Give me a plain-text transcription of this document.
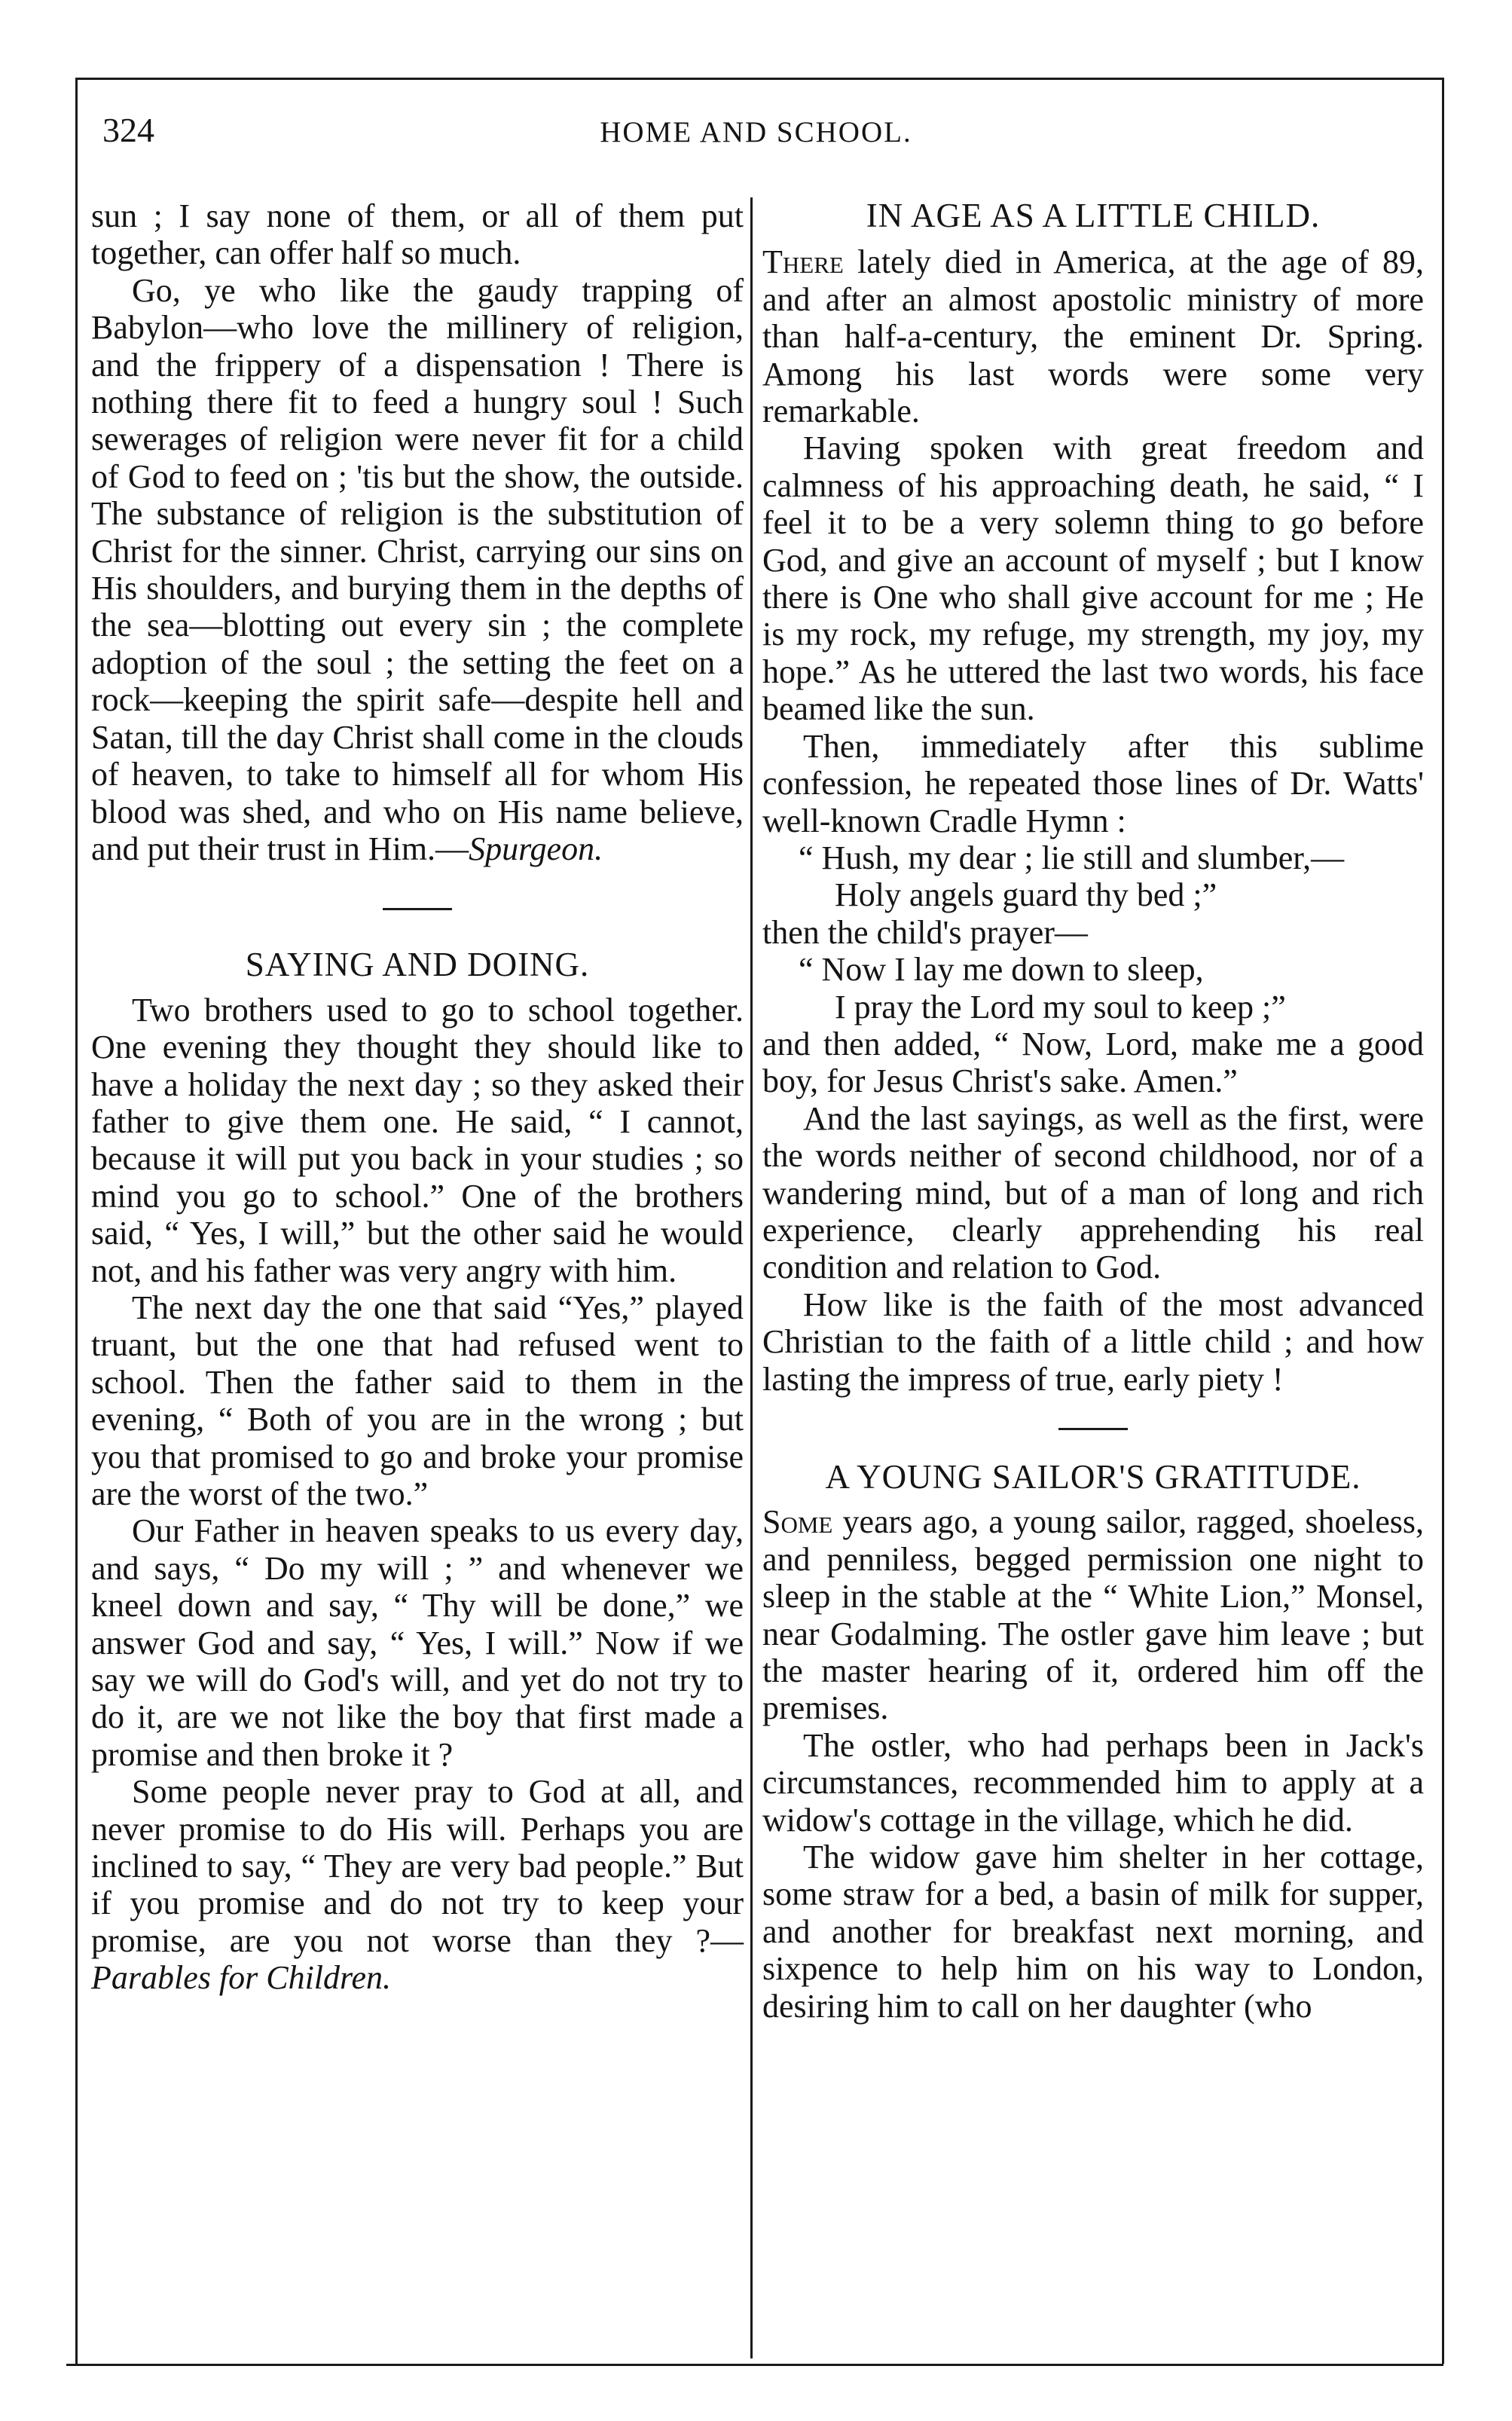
324	HOME AND SCHOOL.

sun ; I say none of them, or all of them put together, can offer half so much.

Go, ye who like the gaudy trapping of Babylon—who love the millinery of religion, and the frippery of a dispensation ! There is nothing there fit to feed a hungry soul ! Such sewerages of religion were never fit for a child of God to feed on ; 'tis but the show, the outside. The substance of religion is the substitution of Christ for the sinner. Christ, carrying our sins on His shoulders, and burying them in the depths of the sea—blotting out every sin ; the complete adoption of the soul ; the setting the feet on a rock—keeping the spirit safe—despite hell and Satan, till the day Christ shall come in the clouds of heaven, to take to himself all for whom His blood was shed, and who on His name believe, and put their trust in Him.—Spurgeon.

SAYING AND DOING.

Two brothers used to go to school together. One evening they thought they should like to have a holiday the next day ; so they asked their father to give them one. He said, “ I cannot, because it will put you back in your studies ; so mind you go to school.” One of the brothers said, “ Yes, I will,” but the other said he would not, and his father was very angry with him.

The next day the one that said “Yes,” played truant, but the one that had refused went to school. Then the father said to them in the evening, “ Both of you are in the wrong ; but you that promised to go and broke your promise are the worst of the two.”

Our Father in heaven speaks to us every day, and says, “ Do my will ; ” and whenever we kneel down and say, “ Thy will be done,” we answer God and say, “ Yes, I will.” Now if we say we will do God's will, and yet do not try to do it, are we not like the boy that first made a promise and then broke it ?

Some people never pray to God at all, and never promise to do His will. Perhaps you are inclined to say, “ They are very bad people.” But if you promise and do not try to keep your promise, are you not worse than they ?—Parables for Children.

IN AGE AS A LITTLE CHILD.

There lately died in America, at the age of 89, and after an almost apostolic ministry of more than half-a-century, the eminent Dr. Spring. Among his last words were some very remarkable.

Having spoken with great freedom and calmness of his approaching death, he said, “ I feel it to be a very solemn thing to go before God, and give an account of myself ; but I know there is One who shall give account for me ; He is my rock, my refuge, my strength, my joy, my hope.” As he uttered the last two words, his face beamed like the sun.

Then, immediately after this sublime confession, he repeated those lines of Dr. Watts' well-known Cradle Hymn :

“ Hush, my dear ; lie still and slumber,—

Holy angels guard thy bed ;”

then the child's prayer—

“ Now I lay me down to sleep,

I pray the Lord my soul to keep ;”

and then added, “ Now, Lord, make me a good boy, for Jesus Christ's sake. Amen.”

And the last sayings, as well as the first, were the words neither of second childhood, nor of a wandering mind, but of a man of long and rich experience, clearly apprehending his real condition and relation to God.

How like is the faith of the most advanced Christian to the faith of a little child ; and how lasting the impress of true, early piety !

A YOUNG SAILOR'S GRATITUDE.

Some years ago, a young sailor, ragged, shoeless, and penniless, begged permission one night to sleep in the stable at the “ White Lion,” Monsel, near Godalming. The ostler gave him leave ; but the master hearing of it, ordered him off the premises.

The ostler, who had perhaps been in Jack's circumstances, recommended him to apply at a widow's cottage in the village, which he did.

The widow gave him shelter in her cottage, some straw for a bed, a basin of milk for supper, and another for breakfast next morning, and sixpence to help him on his way to London, desiring him to call on her daughter (who
